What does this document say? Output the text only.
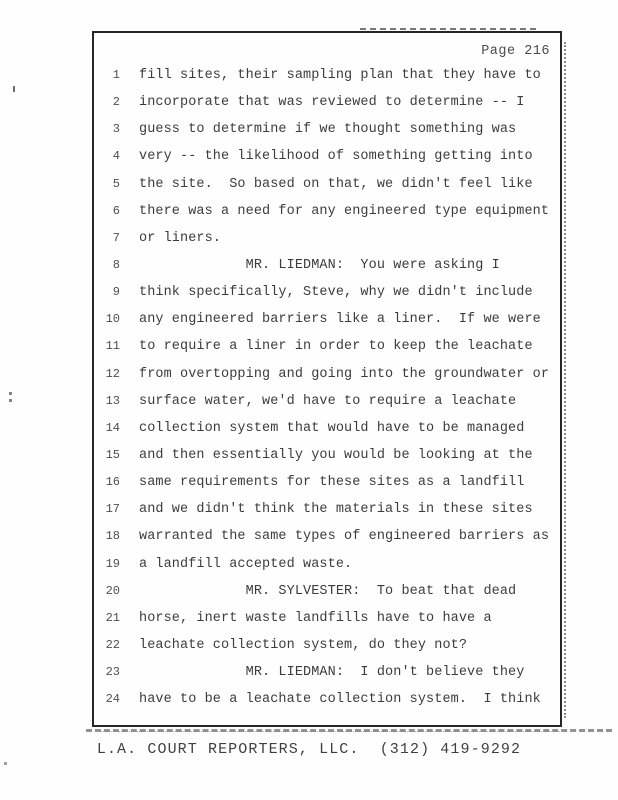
Page 216
1 fill sites, their sampling plan that they have to
2 incorporate that was reviewed to determine -- I
3 guess to determine if we thought something was
4 very -- the likelihood of something getting into
5 the site.  So based on that, we didn't feel like
6 there was a need for any engineered type equipment
7 or liners.
8 MR. LIEDMAN:  You were asking I
9 think specifically, Steve, why we didn't include
10 any engineered barriers like a liner.  If we were
11 to require a liner in order to keep the leachate
12 from overtopping and going into the groundwater or
13 surface water, we'd have to require a leachate
14 collection system that would have to be managed
15 and then essentially you would be looking at the
16 same requirements for these sites as a landfill
17 and we didn't think the materials in these sites
18 warranted the same types of engineered barriers as
19 a landfill accepted waste.
20 MR. SYLVESTER:  To beat that dead
21 horse, inert waste landfills have to have a
22 leachate collection system, do they not?
23 MR. LIEDMAN:  I don't believe they
24 have to be a leachate collection system.  I think
L.A. COURT REPORTERS, LLC.  (312) 419-9292
